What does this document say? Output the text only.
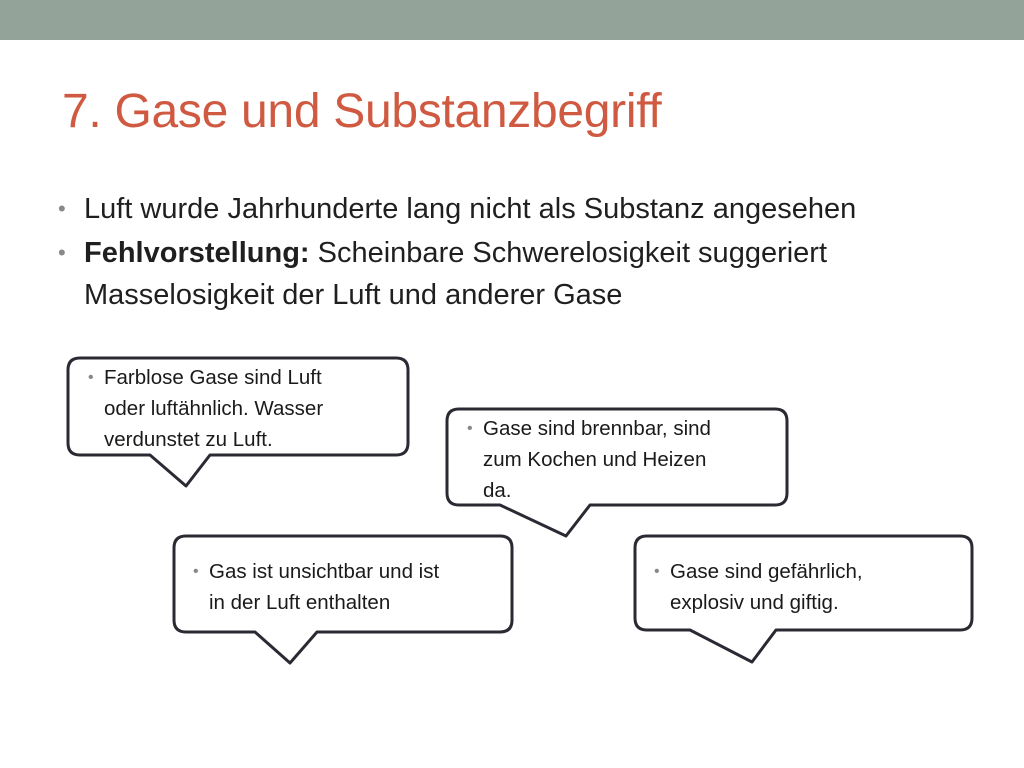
7. Gase und Substanzbegriff
• Luft wurde Jahrhunderte lang nicht als Substanz angesehen
• Fehlvorstellung: Scheinbare Schwerelosigkeit suggeriert Masselosigkeit der Luft und anderer Gase
• Farblose Gase sind Luft
oder luftähnlich. Wasser
verdunstet zu Luft.	• Gase sind brennbar, sind
zum Kochen und Heizen
da.
• Gas ist unsichtbar und ist
in der Luft enthalten
• Gase sind gefährlich,
explosiv und giftig.
